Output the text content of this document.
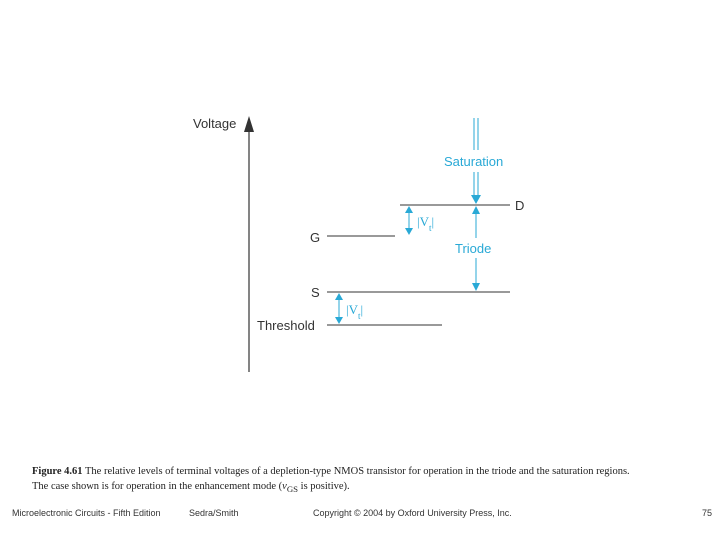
Voltage
D
G
S
Threshold
Saturation
Triode
$|V_t|$
$|V_t|$
Figure 4.61 The relative levels of terminal voltages of a depletion-type NMOS transistor for operation in the triode and the saturation regions. The case shown is for operation in the enhancement mode ($v_{GS}$ is positive).
Microelectronic Circuits - Fifth Edition	Sedra/Smith	Copyright © 2004 by Oxford University Press, Inc.	75
